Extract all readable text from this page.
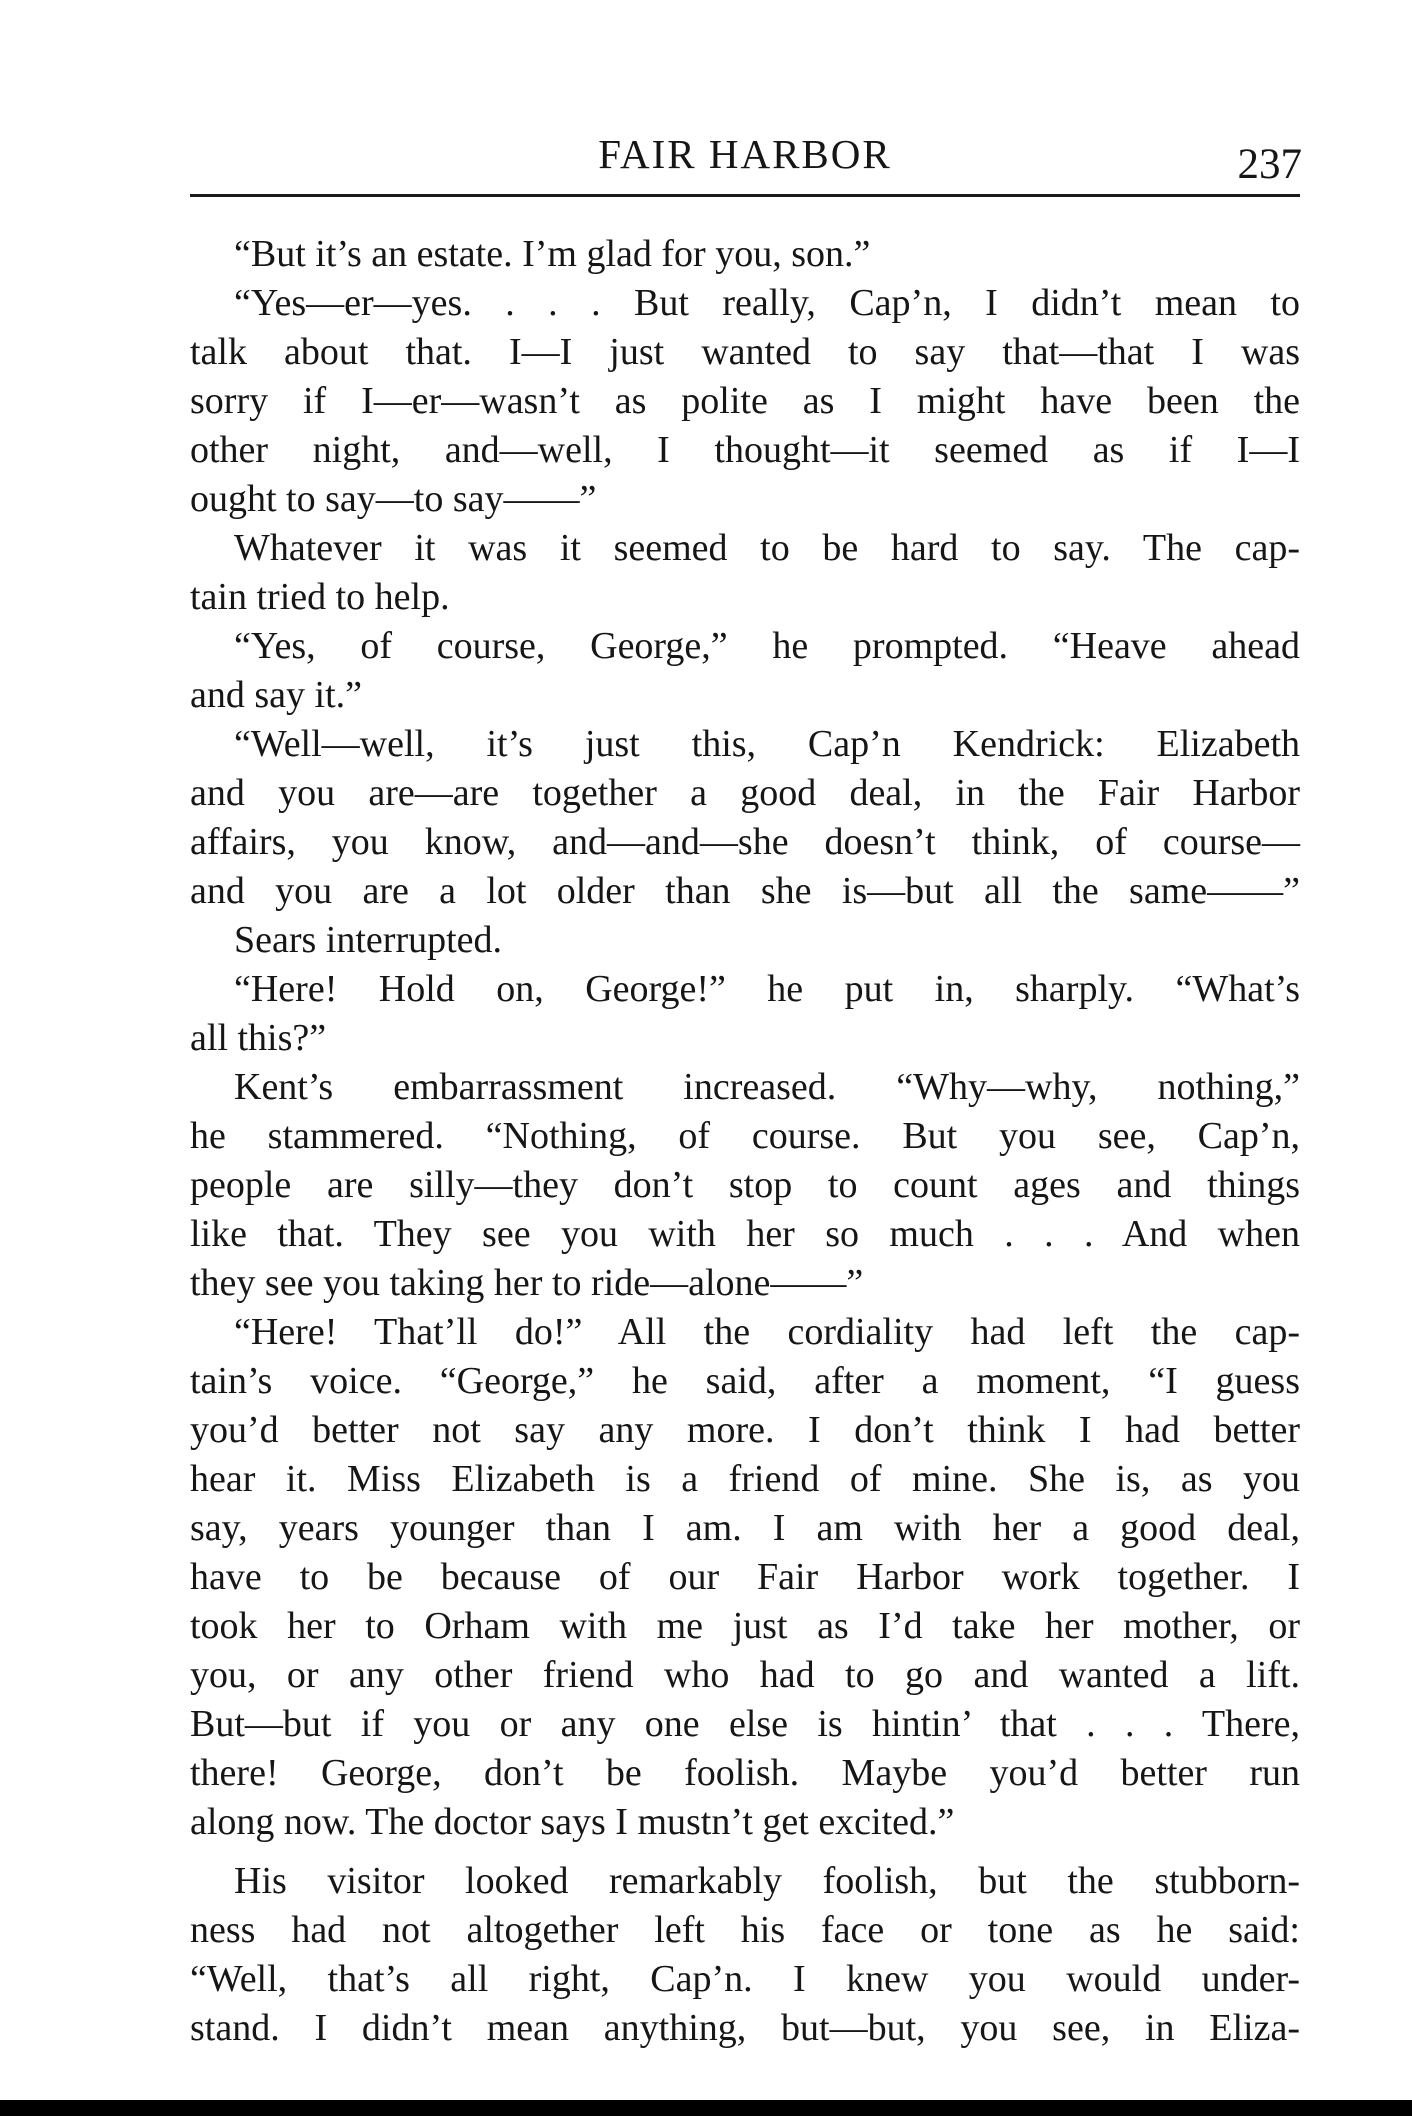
FAIR HARBOR	237
“But it’s an estate. I’m glad for you, son.”
“Yes—er—yes. . . . But really, Cap’n, I didn’t mean to
talk about that. I—I just wanted to say that—that I was
sorry if I—er—wasn’t as polite as I might have been the
other night, and—well, I thought—it seemed as if I—I
ought to say—to say——”
Whatever it was it seemed to be hard to say. The cap-
tain tried to help.
“Yes, of course, George,” he prompted. “Heave ahead
and say it.”
“Well—well, it’s just this, Cap’n Kendrick: Elizabeth
and you are—are together a good deal, in the Fair Harbor
affairs, you know, and—and—she doesn’t think, of course—
and you are a lot older than she is—but all the same——”
Sears interrupted.
“Here! Hold on, George!” he put in, sharply. “What’s
all this?”
Kent’s embarrassment increased. “Why—why, nothing,”
he stammered. “Nothing, of course. But you see, Cap’n,
people are silly—they don’t stop to count ages and things
like that. They see you with her so much . . . And when
they see you taking her to ride—alone——”
“Here! That’ll do!” All the cordiality had left the cap-
tain’s voice. “George,” he said, after a moment, “I guess
you’d better not say any more. I don’t think I had better
hear it. Miss Elizabeth is a friend of mine. She is, as you
say, years younger than I am. I am with her a good deal,
have to be because of our Fair Harbor work together. I
took her to Orham with me just as I’d take her mother, or
you, or any other friend who had to go and wanted a lift.
But—but if you or any one else is hintin’ that . . . There,
there! George, don’t be foolish. Maybe you’d better run
along now. The doctor says I mustn’t get excited.”
His visitor looked remarkably foolish, but the stubborn-
ness had not altogether left his face or tone as he said:
“Well, that’s all right, Cap’n. I knew you would under-
stand. I didn’t mean anything, but—but, you see, in Eliza-
